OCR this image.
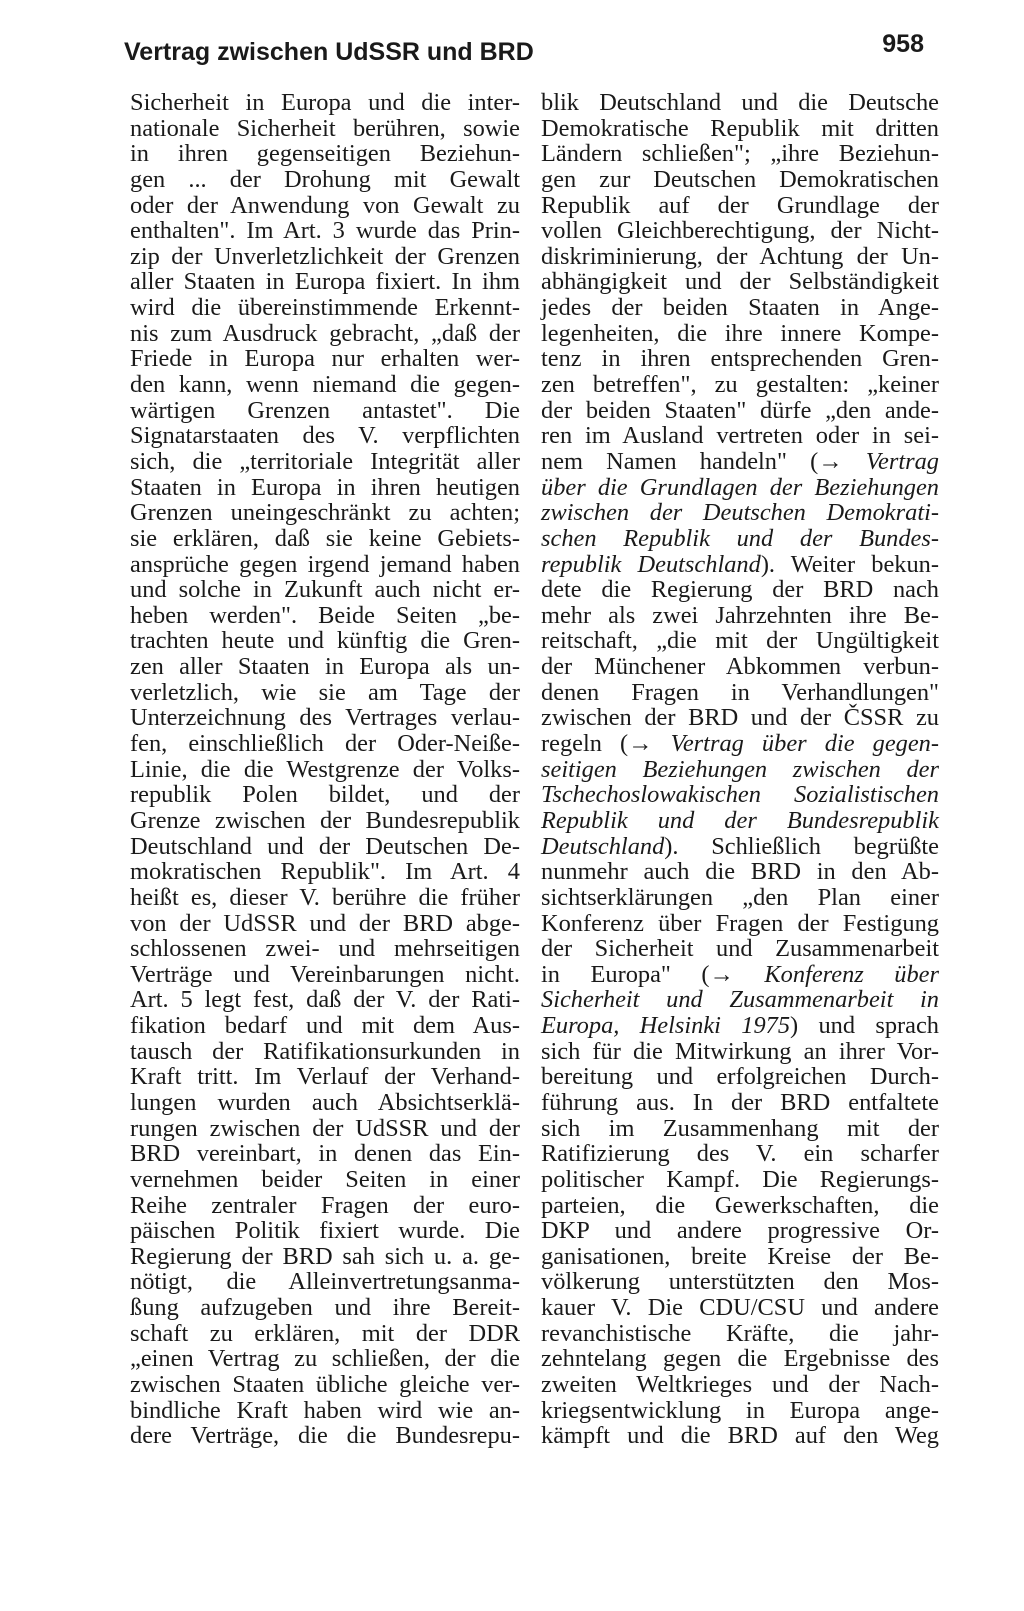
Vertrag zwischen UdSSR und BRD	958
Sicherheit in Europa und die inter-
nationale Sicherheit berühren, sowie
in ihren gegenseitigen Beziehun-
gen ... der Drohung mit Gewalt
oder der Anwendung von Gewalt zu
enthalten". Im Art. 3 wurde das Prin-
zip der Unverletzlichkeit der Grenzen
aller Staaten in Europa fixiert. In ihm
wird die übereinstimmende Erkennt-
nis zum Ausdruck gebracht, „daß der
Friede in Europa nur erhalten wer-
den kann, wenn niemand die gegen-
wärtigen Grenzen antastet". Die
Signatarstaaten des V. verpflichten
sich, die „territoriale Integrität aller
Staaten in Europa in ihren heutigen
Grenzen uneingeschränkt zu achten;
sie erklären, daß sie keine Gebiets-
ansprüche gegen irgend jemand haben
und solche in Zukunft auch nicht er-
heben werden". Beide Seiten „be-
trachten heute und künftig die Gren-
zen aller Staaten in Europa als un-
verletzlich, wie sie am Tage der
Unterzeichnung des Vertrages verlau-
fen, einschließlich der Oder-Neiße-
Linie, die die Westgrenze der Volks-
republik Polen bildet, und der
Grenze zwischen der Bundesrepublik
Deutschland und der Deutschen De-
mokratischen Republik". Im Art. 4
heißt es, dieser V. berühre die früher
von der UdSSR und der BRD abge-
schlossenen zwei- und mehrseitigen
Verträge und Vereinbarungen nicht.
Art. 5 legt fest, daß der V. der Rati-
fikation bedarf und mit dem Aus-
tausch der Ratifikationsurkunden in
Kraft tritt. Im Verlauf der Verhand-
lungen wurden auch Absichtserklä-
rungen zwischen der UdSSR und der
BRD vereinbart, in denen das Ein-
vernehmen beider Seiten in einer
Reihe zentraler Fragen der euro-
päischen Politik fixiert wurde. Die
Regierung der BRD sah sich u. a. ge-
nötigt, die Alleinvertretungsanma-
ßung aufzugeben und ihre Bereit-
schaft zu erklären, mit der DDR
„einen Vertrag zu schließen, der die
zwischen Staaten übliche gleiche ver-
bindliche Kraft haben wird wie an-
dere Verträge, die die Bundesrepu-
blik Deutschland und die Deutsche
Demokratische Republik mit dritten
Ländern schließen"; „ihre Beziehun-
gen zur Deutschen Demokratischen
Republik auf der Grundlage der
vollen Gleichberechtigung, der Nicht-
diskriminierung, der Achtung der Un-
abhängigkeit und der Selbständigkeit
jedes der beiden Staaten in Ange-
legenheiten, die ihre innere Kompe-
tenz in ihren entsprechenden Gren-
zen betreffen", zu gestalten: „keiner
der beiden Staaten" dürfe „den ande-
ren im Ausland vertreten oder in sei-
nem Namen handeln" (→ Vertrag
über die Grundlagen der Beziehungen
zwischen der Deutschen Demokrati-
schen Republik und der Bundes-
republik Deutschland). Weiter bekun-
dete die Regierung der BRD nach
mehr als zwei Jahrzehnten ihre Be-
reitschaft, „die mit der Ungültigkeit
der Münchener Abkommen verbun-
denen Fragen in Verhandlungen"
zwischen der BRD und der ČSSR zu
regeln (→ Vertrag über die gegen-
seitigen Beziehungen zwischen der
Tschechoslowakischen Sozialistischen
Republik und der Bundesrepublik
Deutschland). Schließlich begrüßte
nunmehr auch die BRD in den Ab-
sichtserklärungen „den Plan einer
Konferenz über Fragen der Festigung
der Sicherheit und Zusammenarbeit
in Europa" (→ Konferenz über
Sicherheit und Zusammenarbeit in
Europa, Helsinki 1975) und sprach
sich für die Mitwirkung an ihrer Vor-
bereitung und erfolgreichen Durch-
führung aus. In der BRD entfaltete
sich im Zusammenhang mit der
Ratifizierung des V. ein scharfer
politischer Kampf. Die Regierungs-
parteien, die Gewerkschaften, die
DKP und andere progressive Or-
ganisationen, breite Kreise der Be-
völkerung unterstützten den Mos-
kauer V. Die CDU/CSU und andere
revanchistische Kräfte, die jahr-
zehntelang gegen die Ergebnisse des
zweiten Weltkrieges und der Nach-
kriegsentwicklung in Europa ange-
kämpft und die BRD auf den Weg
